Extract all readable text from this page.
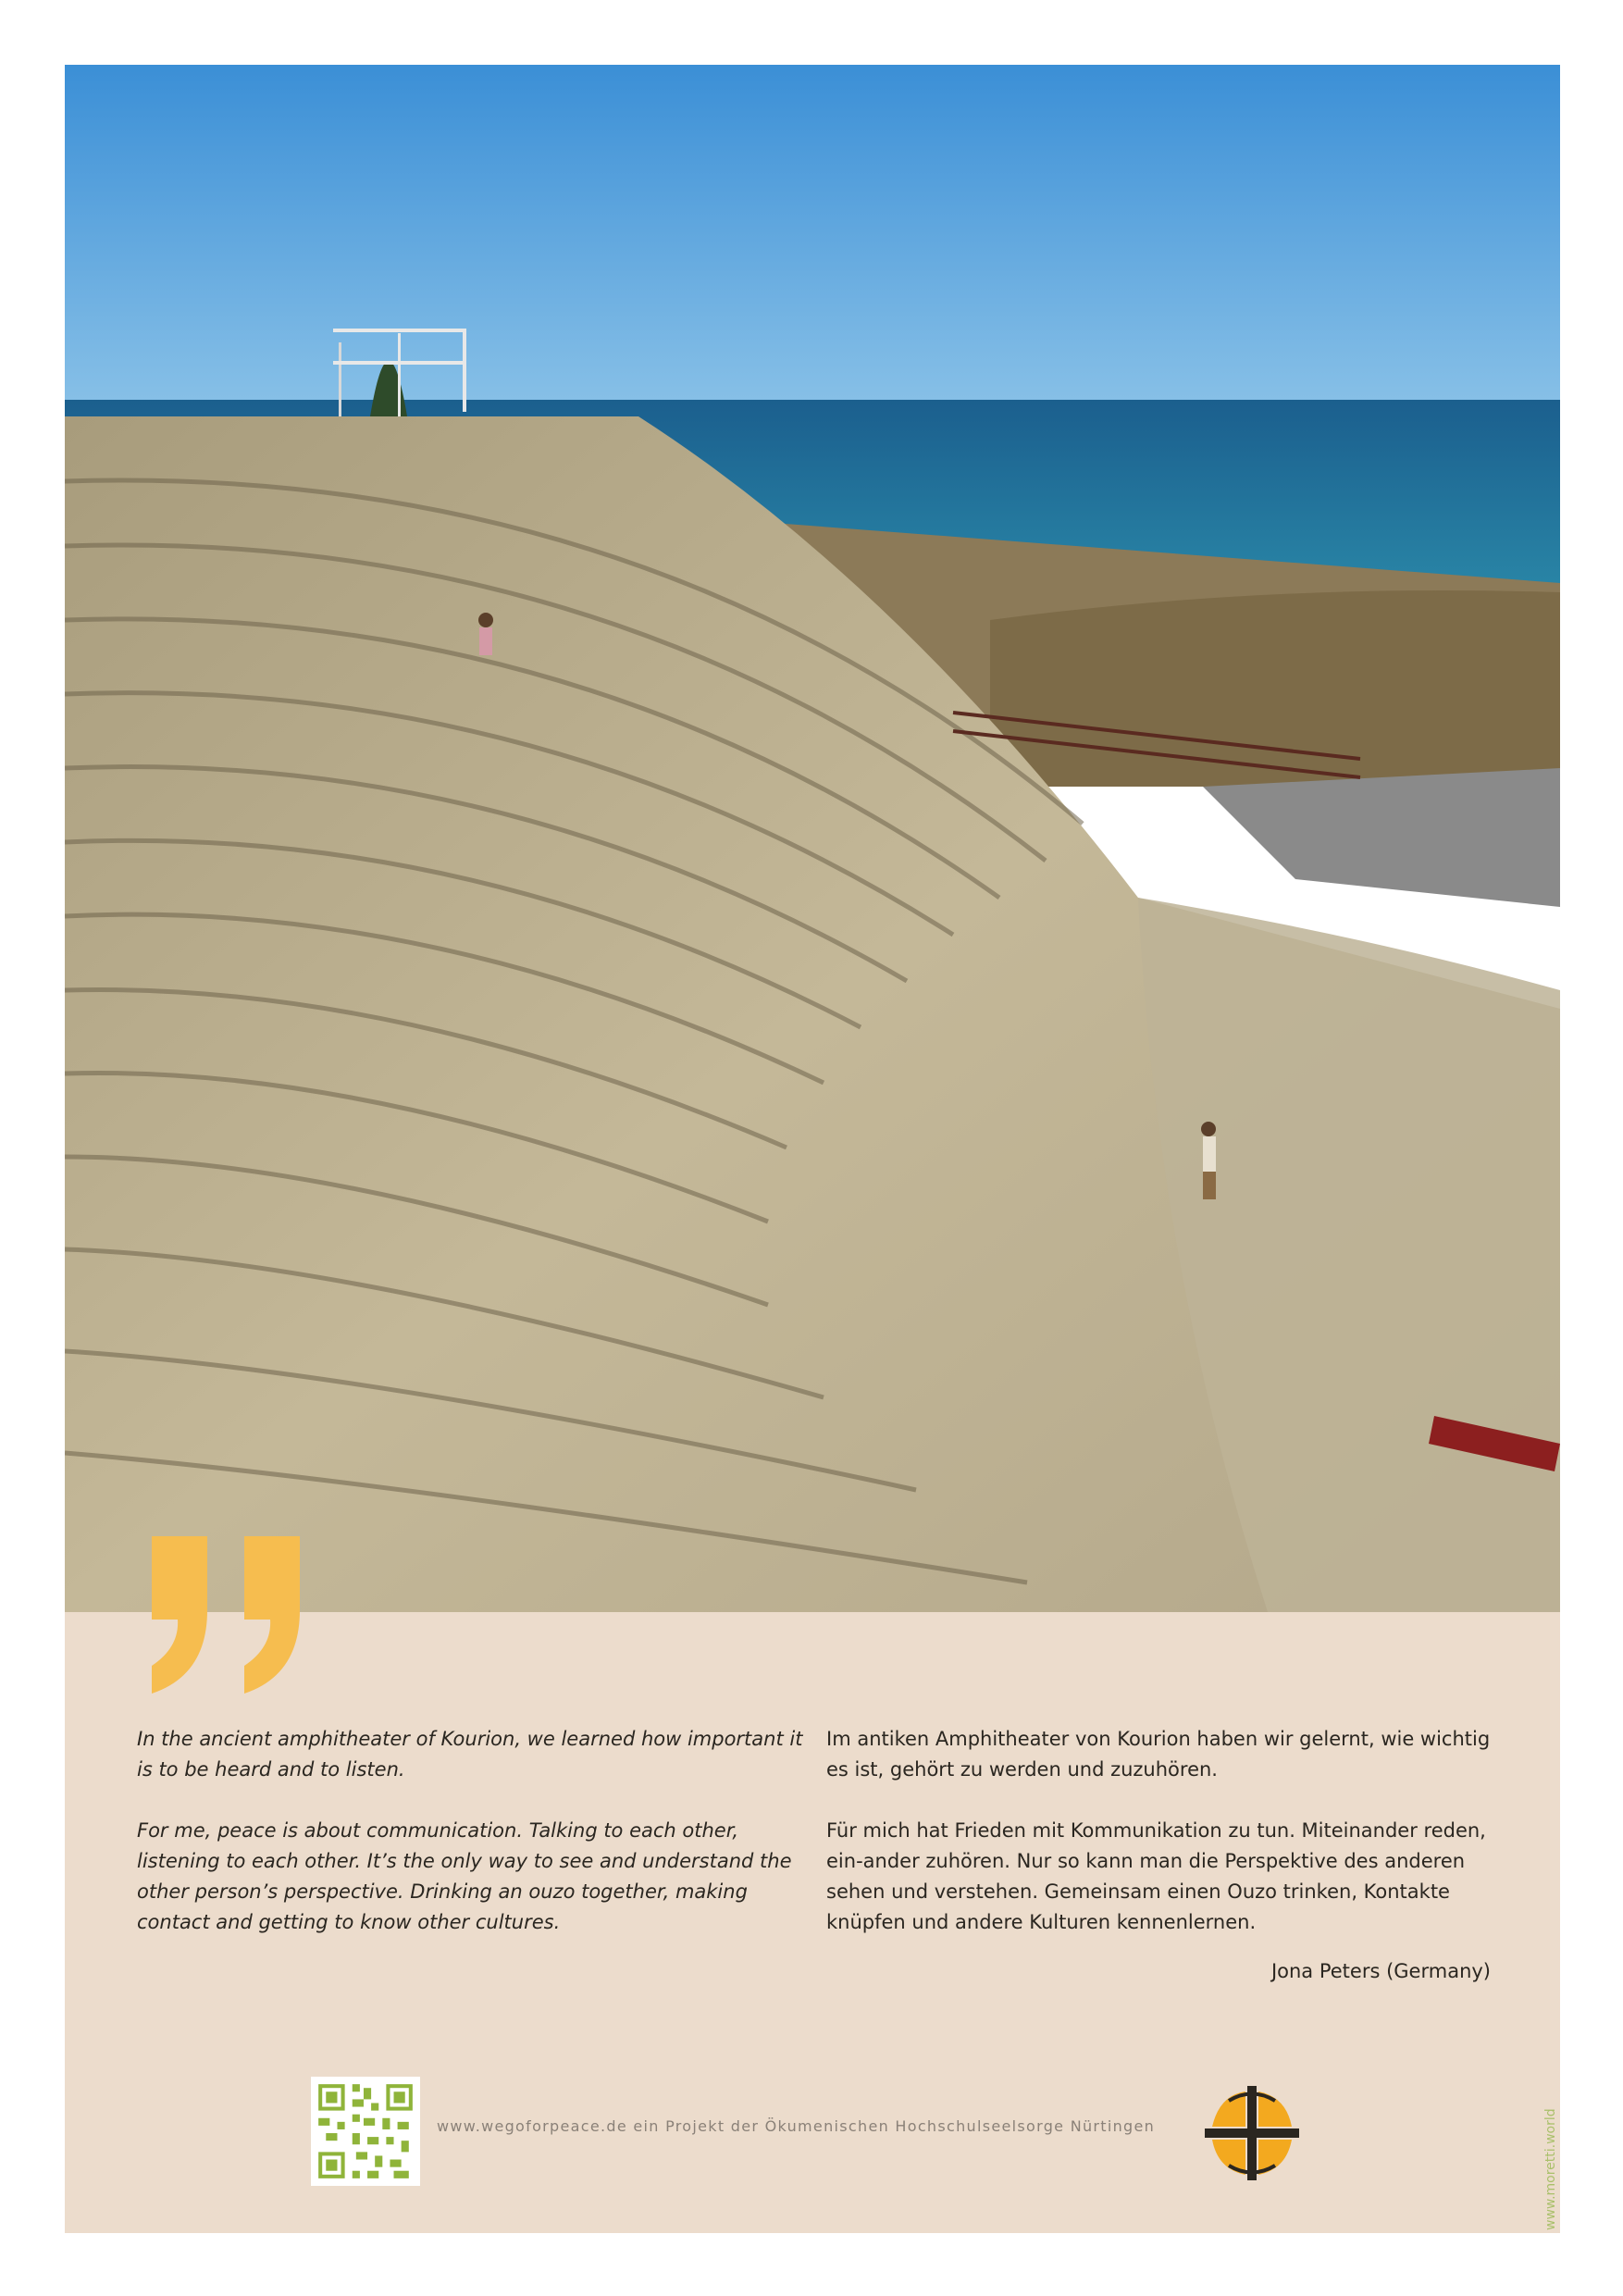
In the ancient amphitheater of Kourion, we learned how important it is to be heard and to listen.

For me, peace is about communication. Talking to each other, listening to each other. It’s the only way to see and understand the other person’s perspective. Drinking an ouzo together, making contact and getting to know other cultures.

Im antiken Amphitheater von Kourion haben wir gelernt, wie wichtig es ist, gehört zu werden und zuzuhören.

Für mich hat Frieden mit Kommunikation zu tun. Miteinander reden, ein-ander zuhören. Nur so kann man die Perspektive des anderen sehen und verstehen. Gemeinsam einen Ouzo trinken, Kontakte knüpfen und andere Kulturen kennenlernen.

Jona Peters (Germany)
www.wegoforpeace.de ein Projekt der Ökumenischen Hochschulseelsorge Nürtingen	www.moretti.world
